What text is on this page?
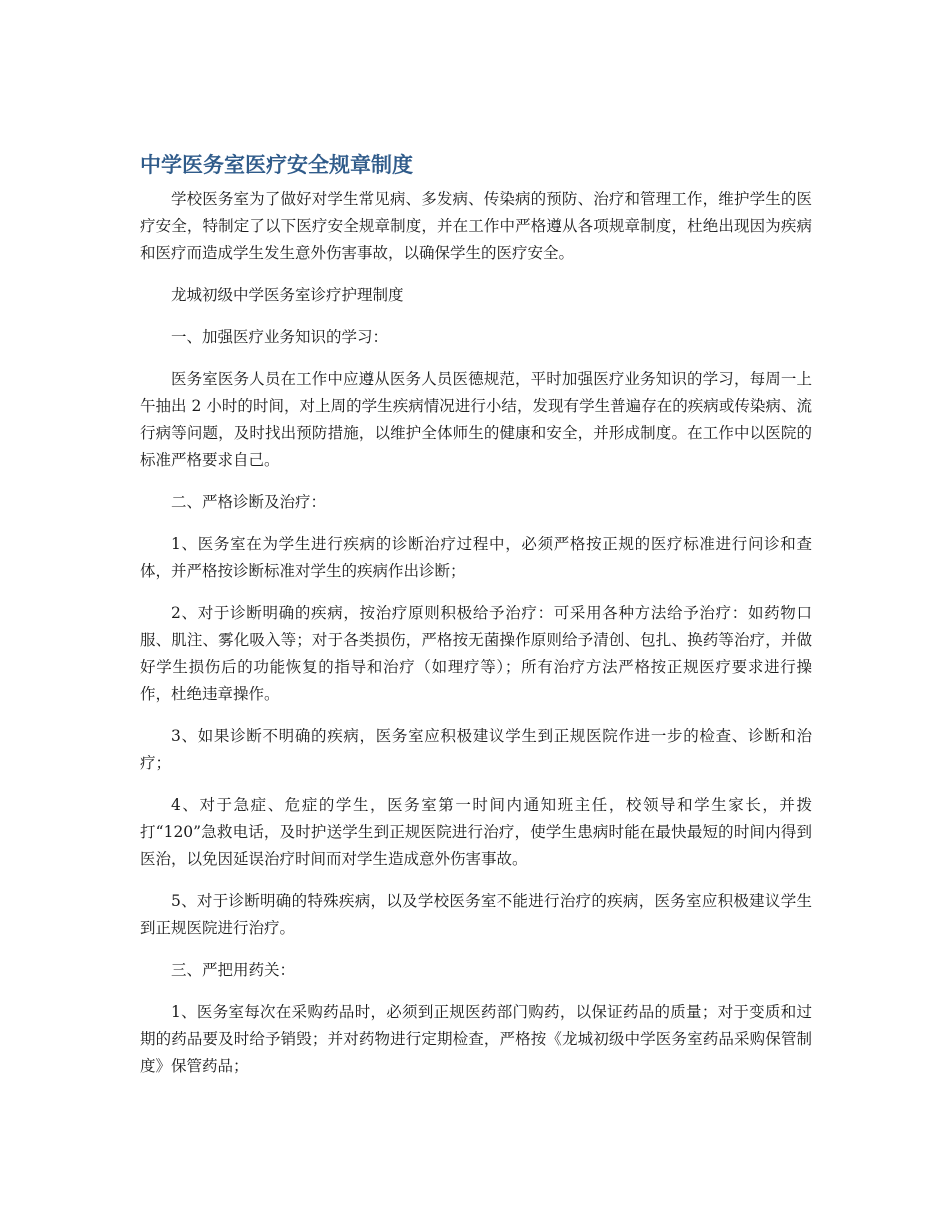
中学医务室医疗安全规章制度

学校医务室为了做好对学生常见病、多发病、传染病的预防、治疗和管理工作，维护学生的医疗安全，特制定了以下医疗安全规章制度，并在工作中严格遵从各项规章制度，杜绝出现因为疾病和医疗而造成学生发生意外伤害事故，以确保学生的医疗安全。

龙城初级中学医务室诊疗护理制度

一、加强医疗业务知识的学习：

医务室医务人员在工作中应遵从医务人员医德规范，平时加强医疗业务知识的学习，每周一上午抽出 2 小时的时间，对上周的学生疾病情况进行小结，发现有学生普遍存在的疾病或传染病、流行病等问题，及时找出预防措施，以维护全体师生的健康和安全，并形成制度。在工作中以医院的标准严格要求自己。

二、严格诊断及治疗：

1、医务室在为学生进行疾病的诊断治疗过程中，必须严格按正规的医疗标准进行问诊和查体，并严格按诊断标准对学生的疾病作出诊断；

2、对于诊断明确的疾病，按治疗原则积极给予治疗：可采用各种方法给予治疗：如药物口服、肌注、雾化吸入等；对于各类损伤，严格按无菌操作原则给予清创、包扎、换药等治疗，并做好学生损伤后的功能恢复的指导和治疗（如理疗等）；所有治疗方法严格按正规医疗要求进行操作，杜绝违章操作。

3、如果诊断不明确的疾病，医务室应积极建议学生到正规医院作进一步的检查、诊断和治疗；

4、对于急症、危症的学生，医务室第一时间内通知班主任，校领导和学生家长，并拨打“120”急救电话，及时护送学生到正规医院进行治疗，使学生患病时能在最快最短的时间内得到医治，以免因延误治疗时间而对学生造成意外伤害事故。

5、对于诊断明确的特殊疾病，以及学校医务室不能进行治疗的疾病，医务室应积极建议学生到正规医院进行治疗。

三、严把用药关：

1、医务室每次在采购药品时，必须到正规医药部门购药，以保证药品的质量；对于变质和过期的药品要及时给予销毁；并对药物进行定期检查，严格按《龙城初级中学医务室药品采购保管制度》保管药品；
